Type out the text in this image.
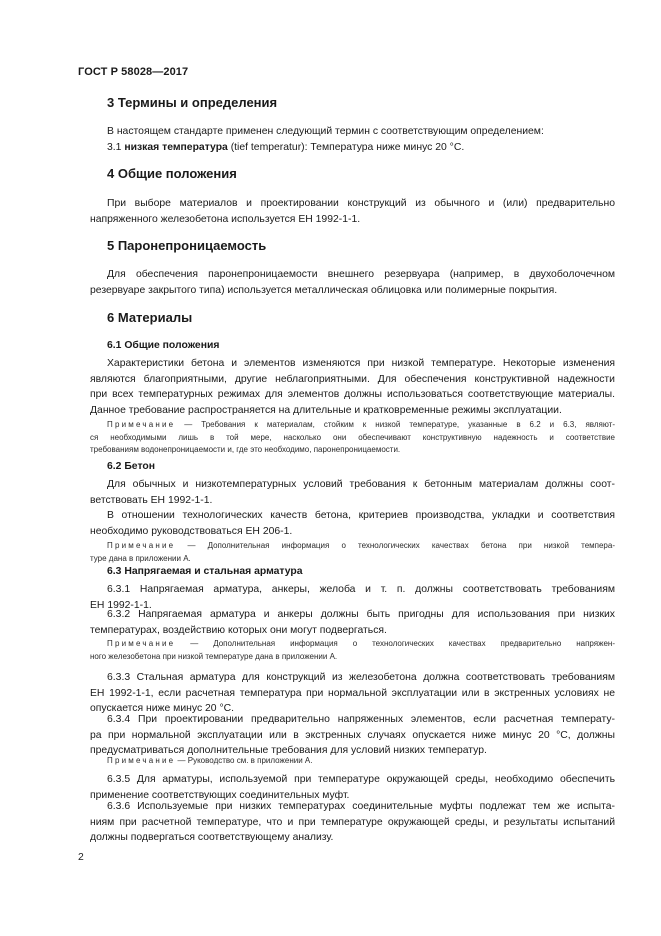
ГОСТ Р 58028—2017
3 Термины и определения
В настоящем стандарте применен следующий термин с соответствующим определением:
3.1 низкая температура (tief temperatur): Температура ниже минус 20 °С.
4 Общие положения
При выборе материалов и проектировании конструкций из обычного и (или) предварительно
напряженного железобетона используется ЕН 1992-1-1.
5 Паронепроницаемость
Для обеспечения паронепроницаемости внешнего резервуара (например, в двухоболочечном
резервуаре закрытого типа) используется металлическая облицовка или полимерные покрытия.
6 Материалы
6.1 Общие положения
Характеристики бетона и элементов изменяются при низкой температуре. Некоторые изменения
являются благоприятными, другие неблагоприятными. Для обеспечения конструктивной надежности
при всех температурных режимах для элементов должны использоваться соответствующие материалы.
Данное требование распространяется на длительные и кратковременные режимы эксплуатации.
Примечание — Требования к материалам, стойким к низкой температуре, указанные в 6.2 и 6.3, являют-
ся необходимыми лишь в той мере, насколько они обеспечивают конструктивную надежность и соответствие
требованиям водонепроницаемости и, где это необходимо, паронепроницаемости.
6.2 Бетон
Для обычных и низкотемпературных условий требования к бетонным материалам должны соот-
ветствовать ЕН 1992-1-1.
В отношении технологических качеств бетона, критериев производства, укладки и соответствия
необходимо руководствоваться ЕН 206-1.
Примечание — Дополнительная информация о технологических качествах бетона при низкой темпера-
туре дана в приложении А.
6.3 Напрягаемая и стальная арматура
6.3.1 Напрягаемая арматура, анкеры, желоба и т. п. должны соответствовать требованиям
ЕН 1992-1-1.
6.3.2 Напрягаемая арматура и анкеры должны быть пригодны для использования при низких
температурах, воздействию которых они могут подвергаться.
Примечание — Дополнительная информация о технологических качествах предварительно напряжен-
ного железобетона при низкой температуре дана в приложении А.
6.3.3 Стальная арматура для конструкций из железобетона должна соответствовать требованиям
ЕН 1992-1-1, если расчетная температура при нормальной эксплуатации или в экстренных условиях не
опускается ниже минус 20 °С.
6.3.4 При проектировании предварительно напряженных элементов, если расчетная температу-
ра при нормальной эксплуатации или в экстренных случаях опускается ниже минус 20 °С, должны
предусматриваться дополнительные требования для условий низких температур.
Примечание — Руководство см. в приложении А.
6.3.5 Для арматуры, используемой при температуре окружающей среды, необходимо обеспечить
применение соответствующих соединительных муфт.
6.3.6 Используемые при низких температурах соединительные муфты подлежат тем же испыта-
ниям при расчетной температуре, что и при температуре окружающей среды, и результаты испытаний
должны подвергаться соответствующему анализу.
2
